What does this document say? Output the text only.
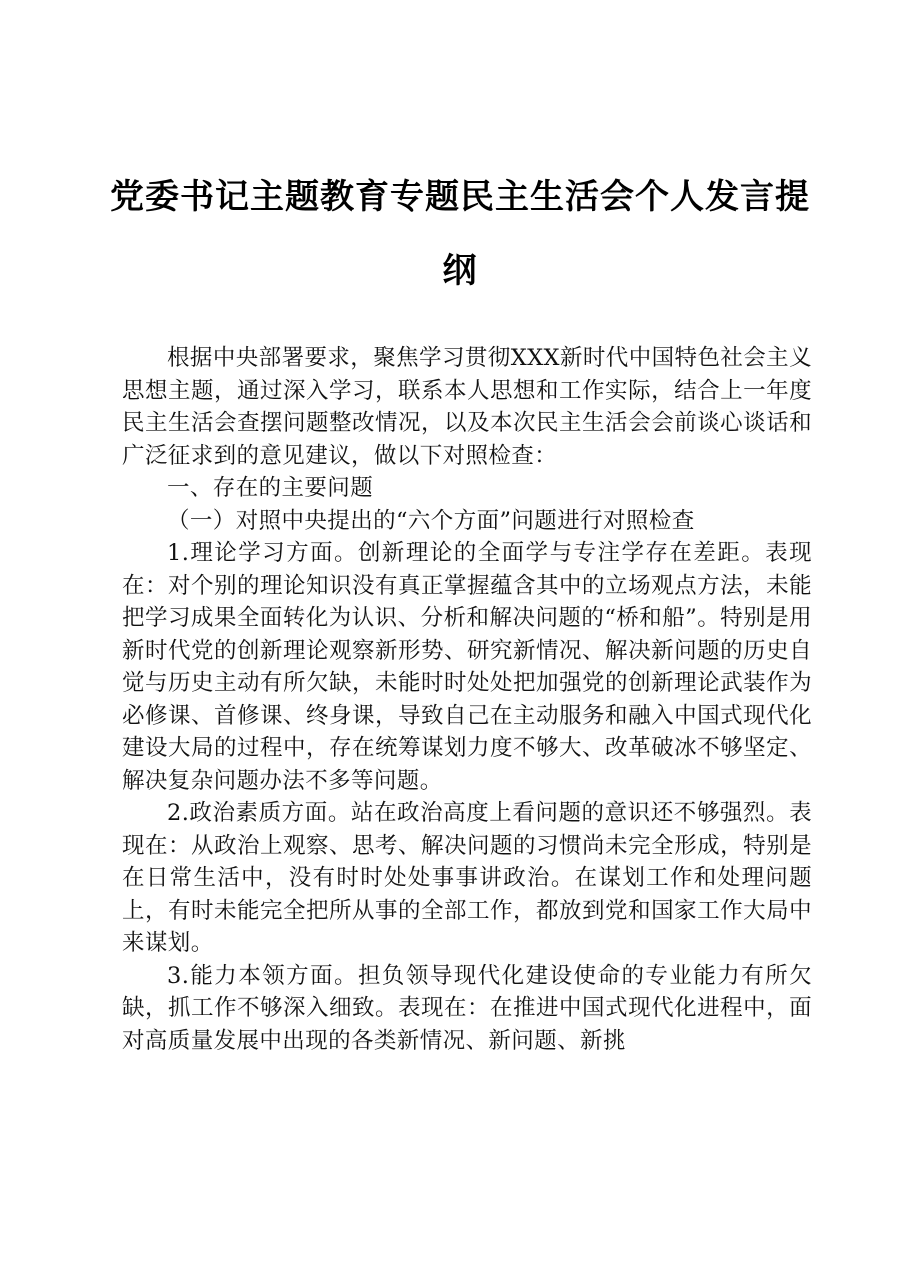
党委书记主题教育专题民主生活会个人发言提
纲

根据中央部署要求，聚焦学习贯彻XXX新时代中国特色社会主义思想主题，通过深入学习，联系本人思想和工作实际，结合上一年度民主生活会查摆问题整改情况，以及本次民主生活会会前谈心谈话和广泛征求到的意见建议，做以下对照检查：

一、存在的主要问题

（一）对照中央提出的“六个方面”问题进行对照检查

1.理论学习方面。创新理论的全面学与专注学存在差距。表现在：对个别的理论知识没有真正掌握蕴含其中的立场观点方法，未能把学习成果全面转化为认识、分析和解决问题的“桥和船”。特别是用新时代党的创新理论观察新形势、研究新情况、解决新问题的历史自觉与历史主动有所欠缺，未能时时处处把加强党的创新理论武装作为必修课、首修课、终身课，导致自己在主动服务和融入中国式现代化建设大局的过程中，存在统筹谋划力度不够大、改革破冰不够坚定、解决复杂问题办法不多等问题。

2.政治素质方面。站在政治高度上看问题的意识还不够强烈。表现在：从政治上观察、思考、解决问题的习惯尚未完全形成，特别是在日常生活中，没有时时处处事事讲政治。在谋划工作和处理问题上，有时未能完全把所从事的全部工作，都放到党和国家工作大局中来谋划。

3.能力本领方面。担负领导现代化建设使命的专业能力有所欠缺，抓工作不够深入细致。表现在：在推进中国式现代化进程中，面对高质量发展中出现的各类新情况、新问题、新挑
